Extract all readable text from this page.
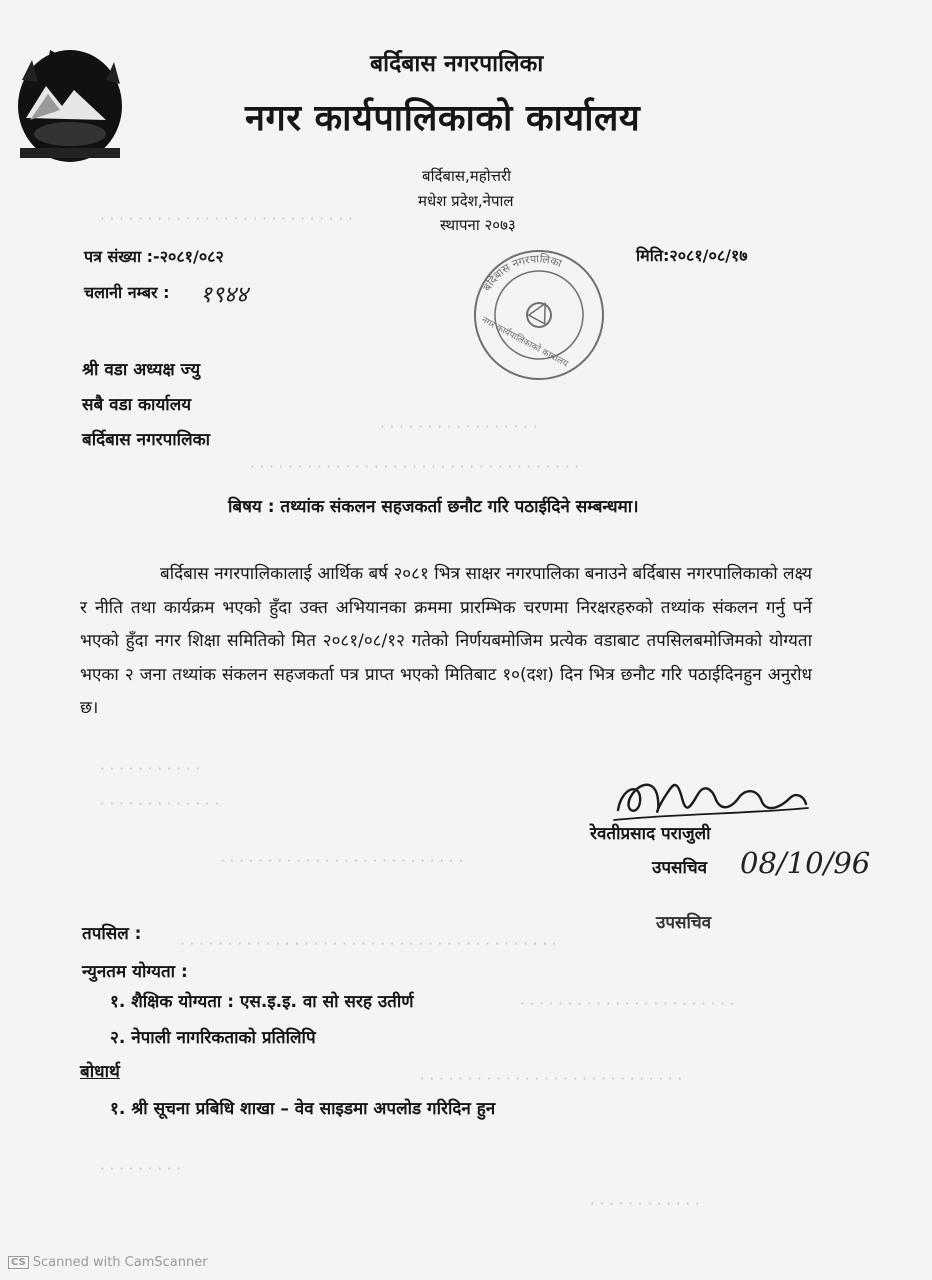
बर्दिबास नगरपालिका
नगर कार्यपालिकाको कार्यालय
बर्दिबास,महोत्तरी
मधेश प्रदेश,नेपाल
स्थापना २०७३
· · · · · · · · · · · · · · · · · · · · · · · · · · ·
· · · · · · · · · · · · · · · · ·
· · · · · · · · · · · · · · · · · · · · · · · · · · · · · · · · · · ·
· · · · · · · · · · ·
· · · · · · · · · · · · ·
· · · · · · · · · · · · · · · · · · · · · · · · · ·
· · · · · · · · · · · · · · · · · · · · · · · · · · · · · · · · · · · · · · · ·
· · · · · · · · · · · · · · · · · · · · · · ·
· · · · · · · · · · · · · · · · · · · · · · · · · · · ·
· · · · · · · · ·
· · · · · · · · · · · ·
पत्र संख्या :-२०८१/०८२	मिति:२०८१/०८/१७
चलानी नम्बर : १९४४	बर्दिबास नगरपालिका
नगर कार्यपालिकाको कार्यालय
श्री वडा अध्यक्ष ज्यु
सबै वडा कार्यालय
बर्दिबास नगरपालिका
बिषय : तथ्यांक संकलन सहजकर्ता छनौट गरि पठाईदिने सम्बन्धमा।
बर्दिबास नगरपालिकालाई आर्थिक बर्ष २०८१ भित्र साक्षर नगरपालिका बनाउने बर्दिबास नगरपालिकाको लक्ष्य र नीति तथा कार्यक्रम भएको हुँदा उक्त अभियानका क्रममा प्रारम्भिक चरणमा निरक्षरहरुको तथ्यांक संकलन गर्नु पर्ने भएको हुँदा नगर शिक्षा समितिको मित २०८१/०८/१२ गतेको निर्णयबमोजिम प्रत्येक वडाबाट तपसिलबमोजिमको योग्यता भएका २ जना तथ्यांक संकलन सहजकर्ता पत्र प्राप्त भएको मितिबाट १०(दश) दिन भित्र छनौट गरि पठाईदिनहुन अनुरोध छ।
रेवतीप्रसाद पराजुली
उपसचिव 08/10/96
उपसचिव
तपसिल :
न्युनतम योग्यता :
१. शैक्षिक योग्यता : एस.इ.इ. वा सो सरह उतीर्ण
२. नेपाली नागरिकताको प्रतिलिपि
बोधार्थ
१. श्री सूचना प्रबिधि शाखा – वेव साइडमा अपलोड गरिदिन हुन
CS Scanned with CamScanner
